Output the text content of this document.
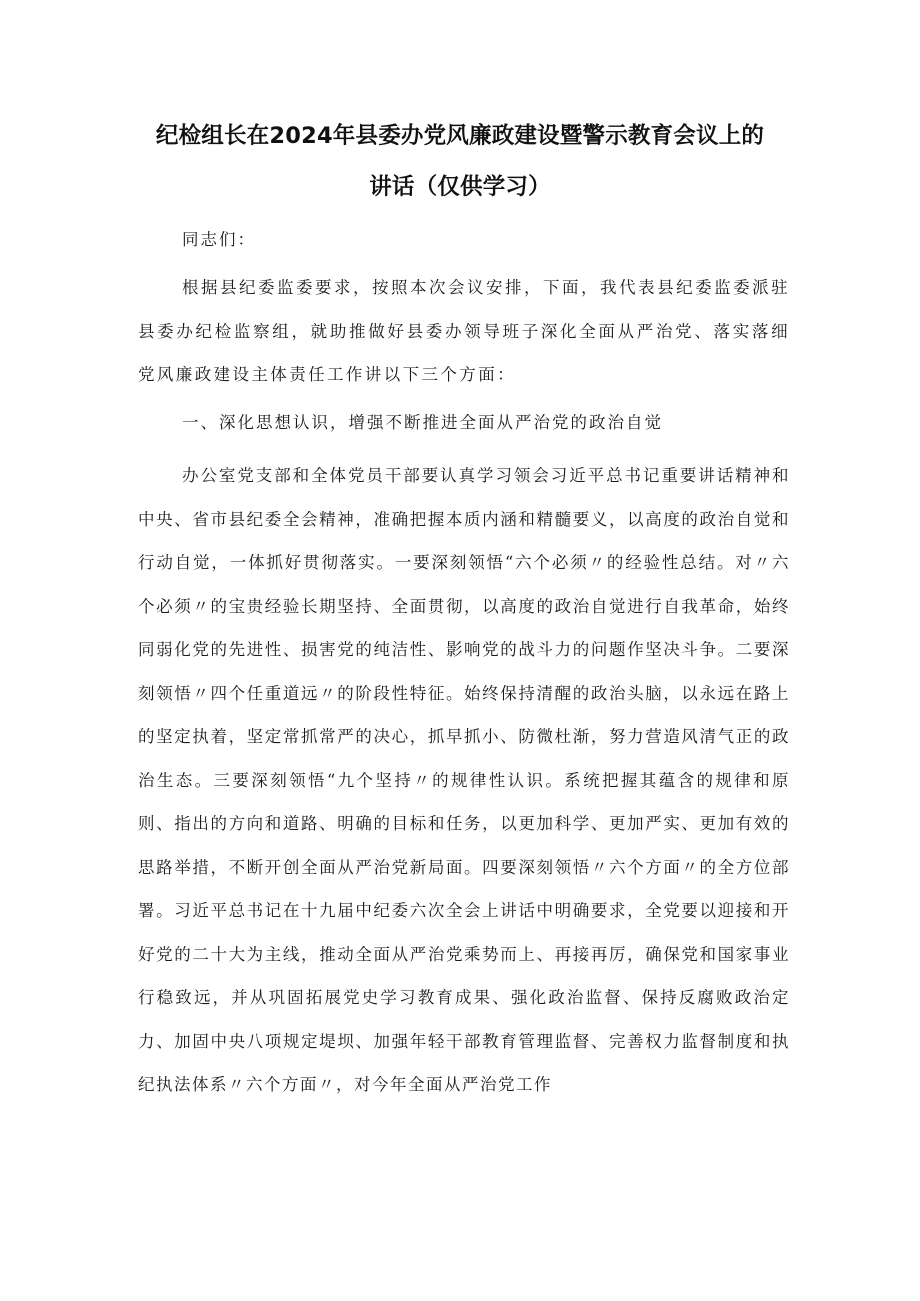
纪检组长在2024年县委办党风廉政建设暨警示教育会议上的
讲话（仅供学习）
同志们：

根据县纪委监委要求，按照本次会议安排，下面，我代表县纪委监委派驻县委办纪检监察组，就助推做好县委办领导班子深化全面从严治党、落实落细党风廉政建设主体责任工作讲以下三个方面：

一、深化思想认识，增强不断推进全面从严治党的政治自觉

办公室党支部和全体党员干部要认真学习领会习近平总书记重要讲话精神和中央、省市县纪委全会精神，准确把握本质内涵和精髓要义，以高度的政治自觉和行动自觉，一体抓好贯彻落实。一要深刻领悟“六个必须〃的经验性总结。对〃六个必须〃的宝贵经验长期坚持、全面贯彻，以高度的政治自觉进行自我革命，始终同弱化党的先进性、损害党的纯洁性、影响党的战斗力的问题作坚决斗争。二要深刻领悟〃四个任重道远〃的阶段性特征。始终保持清醒的政治头脑，以永远在路上的坚定执着，坚定常抓常严的决心，抓早抓小、防微杜渐，努力营造风清气正的政治生态。三要深刻领悟“九个坚持〃的规律性认识。系统把握其蕴含的规律和原则、指出的方向和道路、明确的目标和任务，以更加科学、更加严实、更加有效的思路举措，不断开创全面从严治党新局面。四要深刻领悟〃六个方面〃的全方位部署。习近平总书记在十九届中纪委六次全会上讲话中明确要求，全党要以迎接和开好党的二十大为主线，推动全面从严治党乘势而上、再接再厉，确保党和国家事业行稳致远，并从巩固拓展党史学习教育成果、强化政治监督、保持反腐败政治定力、加固中央八项规定堤坝、加强年轻干部教育管理监督、完善权力监督制度和执纪执法体系〃六个方面〃，对今年全面从严治党工作
